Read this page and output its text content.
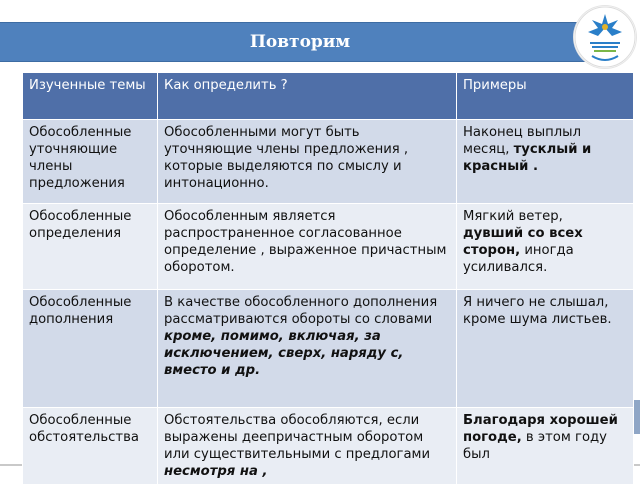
Повторим
Изученные темы	Как определить ?	Примеры
Обособленные уточняющие члены предложения	Обособленными могут быть уточняющие члены предложения , которые выделяются по смыслу и интонационно.	Наконец выплыл месяц, тусклый и красный .
Обособленные определения	Обособленным является распространенное согласованное определение , выраженное причастным оборотом.	Мягкий ветер, дувший со всех сторон, иногда усиливался.
Обособленные дополнения	В качестве обособленного дополнения рассматриваются обороты со словами кроме, помимо, включая, за исключением, сверх, наряду с, вместо и др.	Я ничего не слышал, кроме шума листьев.
Обособленные обстоятельства	Обстоятельства обособляются, если выражены деепричастным оборотом или существительными с предлогами несмотря на ,	Благодаря хорошей погоде, в этом году был
